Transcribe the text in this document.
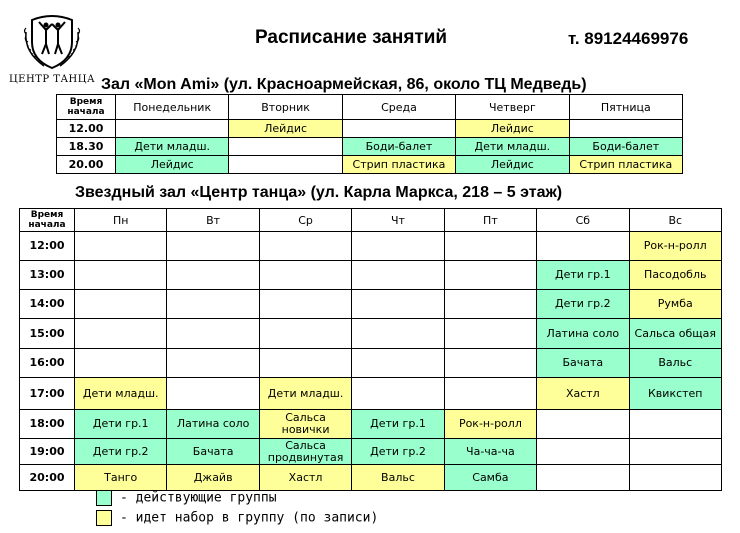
ЦЕНТР ТАНЦА
Расписание занятий	т. 89124469976
Зал «Mon Ami» (ул. Красноармейская, 86, около ТЦ Медведь)
Время начала	Понедельник	Вторник	Среда	Четверг	Пятница
12.00		Лейдис		Лейдис	
18.30	Дети младш.		Боди-балет	Дети младш.	Боди-балет
20.00	Лейдис		Стрип пластика	Лейдис	Стрип пластика
Звездный зал «Центр танца» (ул. Карла Маркса, 218 – 5 этаж)
Время начала	Пн	Вт	Ср	Чт	Пт	Сб	Вс
12:00							Рок-н-ролл
13:00						Дети гр.1	Пасодобль
14:00						Дети гр.2	Румба
15:00						Латина соло	Сальса общая
16:00						Бачата	Вальс
17:00	Дети младш.		Дети младш.			Хастл	Квикстеп
18:00	Дети гр.1	Латина соло	Сальса новички	Дети гр.1	Рок-н-ролл		
19:00	Дети гр.2	Бачата	Сальса продвинутая	Дети гр.2	Ча-ча-ча		
20:00	Танго	Джайв	Хастл	Вальс	Самба		
- действующие группы
- идет набор в группу (по записи)
